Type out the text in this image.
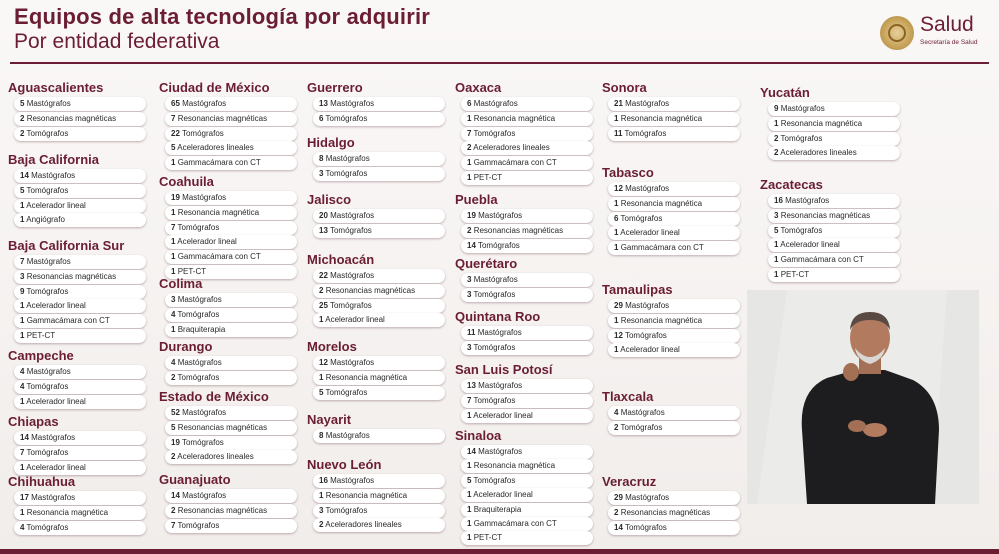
Equipos de alta tecnología por adquirir
Por entidad federativa
Salud
Secretaría de Salud
Aguascalientes
5 Mastógrafos
2 Resonancias magnéticas
2 Tomógrafos
Baja California
14 Mastógrafos
5 Tomógrafos
1 Acelerador lineal
1 Angiógrafo
Baja California Sur
7 Mastógrafos
3 Resonancias magnéticas
9 Tomógrafos
1 Acelerador lineal
1 Gammacámara con CT
1 PET-CT
Campeche
4 Mastógrafos
4 Tomógrafos
1 Acelerador lineal
Chiapas
14 Mastógrafos
7 Tomógrafos
1 Acelerador lineal
Chihuahua
17 Mastógrafos
1 Resonancia magnética
4 Tomógrafos
Ciudad de México
65 Mastógrafos
7 Resonancias magnéticas
22 Tomógrafos
5 Aceleradores lineales
1 Gammacámara con CT
Coahuila
19 Mastógrafos
1 Resonancia magnética
7 Tomógrafos
1 Acelerador lineal
1 Gammacámara con CT
1 PET-CT
Colima
3 Mastógrafos
4 Tomógrafos
1 Braquiterapia
Durango
4 Mastógrafos
2 Tomógrafos
Estado de México
52 Mastógrafos
5 Resonancias magnéticas
19 Tomógrafos
2 Aceleradores lineales
Guanajuato
14 Mastógrafos
2 Resonancias magnéticas
7 Tomógrafos
Guerrero
13 Mastógrafos
6 Tomógrafos
Hidalgo
8 Mastógrafos
3 Tomógrafos
Jalisco
20 Mastógrafos
13 Tomógrafos
Michoacán
22 Mastógrafos
2 Resonancias magnéticas
25 Tomógrafos
1 Acelerador lineal
Morelos
12 Mastógrafos
1 Resonancia magnética
5 Tomógrafos
Nayarit
8 Mastógrafos
Nuevo León
16 Mastógrafos
1 Resonancia magnética
3 Tomógrafos
2 Aceleradores lineales
Oaxaca
6 Mastógrafos
1 Resonancia magnética
7 Tomógrafos
2 Aceleradores lineales
1 Gammacámara con CT
1 PET-CT
Puebla
19 Mastógrafos
2 Resonancias magnéticas
14 Tomógrafos
Querétaro
3 Mastógrafos
3 Tomógrafos
Quintana Roo
11 Mastógrafos
3 Tomógrafos
San Luis Potosí
13 Mastógrafos
7 Tomógrafos
1 Acelerador lineal
Sinaloa
14 Mastógrafos
1 Resonancia magnética
5 Tomógrafos
1 Acelerador lineal
1 Braquiterapia
1 Gammacámara con CT
1 PET-CT
Sonora
21 Mastógrafos
1 Resonancia magnética
11 Tomógrafos
Tabasco
12 Mastógrafos
1 Resonancia magnética
6 Tomógrafos
1 Acelerador lineal
1 Gammacámara con CT
Tamaulipas
29 Mastógrafos
1 Resonancia magnética
12 Tomógrafos
1 Acelerador lineal
Tlaxcala
4 Mastógrafos
2 Tomógrafos
Veracruz
29 Mastógrafos
2 Resonancias magnéticas
14 Tomógrafos
Yucatán
9 Mastógrafos
1 Resonancia magnética
2 Tomógrafos
2 Aceleradores lineales
Zacatecas
16 Mastógrafos
3 Resonancias magnéticas
5 Tomógrafos
1 Acelerador lineal
1 Gammacámara con CT
1 PET-CT
